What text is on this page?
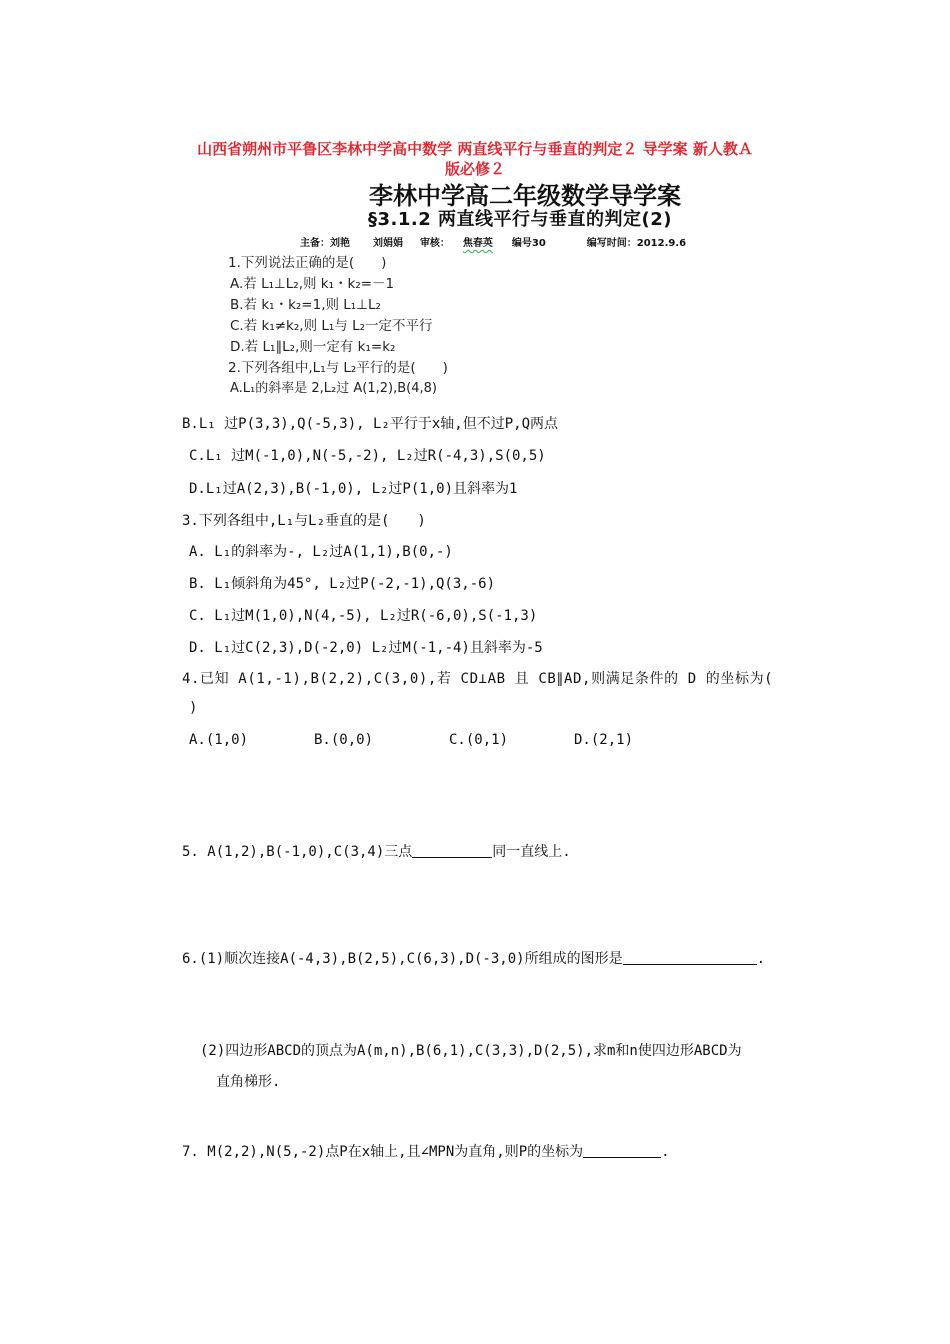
山西省朔州市平鲁区李林中学高中数学 两直线平行与垂直的判定２ 导学案 新人教Ａ
版必修２
李林中学高二年级数学导学案
§3.1.2 两直线平行与垂直的判定(2)
主备：刘艳 刘娟娟 审核： 焦春英 编号30	编写时间：2012.9.6
1.下列说法正确的是(　　)
A.若 L₁⊥L₂,则 k₁・k₂=－1
B.若 k₁・k₂=1,则 L₁⊥L₂
C.若 k₁≠k₂,则 L₁与 L₂一定不平行
D.若 L₁∥L₂,则一定有 k₁=k₂
2.下列各组中,L₁与 L₂平行的是(　　)
A.L₁的斜率是 2,L₂过 A(1,2),B(4,8)
B.L₁ 过P(3,3),Q(-5,3), L₂平行于x轴,但不过P,Q两点
C.L₁ 过M(-1,0),N(-5,-2), L₂过R(-4,3),S(0,5)
D.L₁过A(2,3),B(-1,0), L₂过P(1,0)且斜率为1
3.下列各组中,L₁与L₂垂直的是(　　)
A. L₁的斜率为-, L₂过A(1,1),B(0,-)
B. L₁倾斜角为45°, L₂过P(-2,-1),Q(3,-6)
C. L₁过M(1,0),N(4,-5), L₂过R(-6,0),S(-1,3)
D. L₁过C(2,3),D(-2,0) L₂过M(-1,-4)且斜率为-5
4.已知 A(1,-1),B(2,2),C(3,0),若 CD⊥AB 且 CB∥AD,则满足条件的 D 的坐标为(
)
A.(1,0)	B.(0,0)	C.(0,1)	D.(2,1)
5. A(1,2),B(-1,0),C(3,4)三点	同一直线上.
6.(1)顺次连接A(-4,3),B(2,5),C(6,3),D(-3,0)所组成的图形是	.
(2)四边形ABCD的顶点为A(m,n),B(6,1),C(3,3),D(2,5),求m和n使四边形ABCD为
直角梯形.
7. M(2,2),N(5,-2)点P在x轴上,且∠MPN为直角,则P的坐标为	.
